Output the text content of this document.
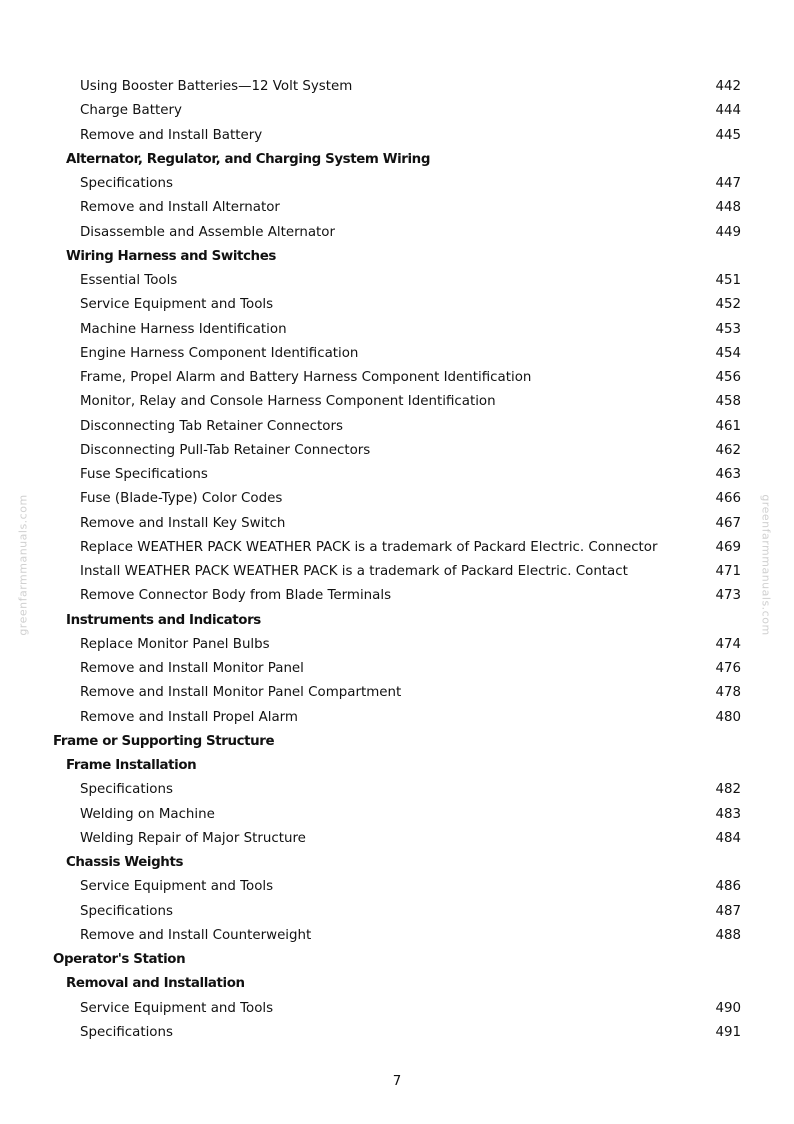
greenfarmmanuals.com	greenfarmmanuals.com
Using Booster Batteries—12 Volt System	442
Charge Battery	444
Remove and Install Battery	445
Alternator, Regulator, and Charging System Wiring
Specifications	447
Remove and Install Alternator	448
Disassemble and Assemble Alternator	449
Wiring Harness and Switches
Essential Tools	451
Service Equipment and Tools	452
Machine Harness Identification	453
Engine Harness Component Identification	454
Frame, Propel Alarm and Battery Harness Component Identification	456
Monitor, Relay and Console Harness Component Identification	458
Disconnecting Tab Retainer Connectors	461
Disconnecting Pull-Tab Retainer Connectors	462
Fuse Specifications	463
Fuse (Blade-Type) Color Codes	466
Remove and Install Key Switch	467
Replace WEATHER PACK WEATHER PACK is a trademark of Packard Electric. Connector	469
Install WEATHER PACK WEATHER PACK is a trademark of Packard Electric. Contact	471
Remove Connector Body from Blade Terminals	473
Instruments and Indicators
Replace Monitor Panel Bulbs	474
Remove and Install Monitor Panel	476
Remove and Install Monitor Panel Compartment	478
Remove and Install Propel Alarm	480
Frame or Supporting Structure
Frame Installation
Specifications	482
Welding on Machine	483
Welding Repair of Major Structure	484
Chassis Weights
Service Equipment and Tools	486
Specifications	487
Remove and Install Counterweight	488
Operator's Station
Removal and Installation
Service Equipment and Tools	490
Specifications	491
7
